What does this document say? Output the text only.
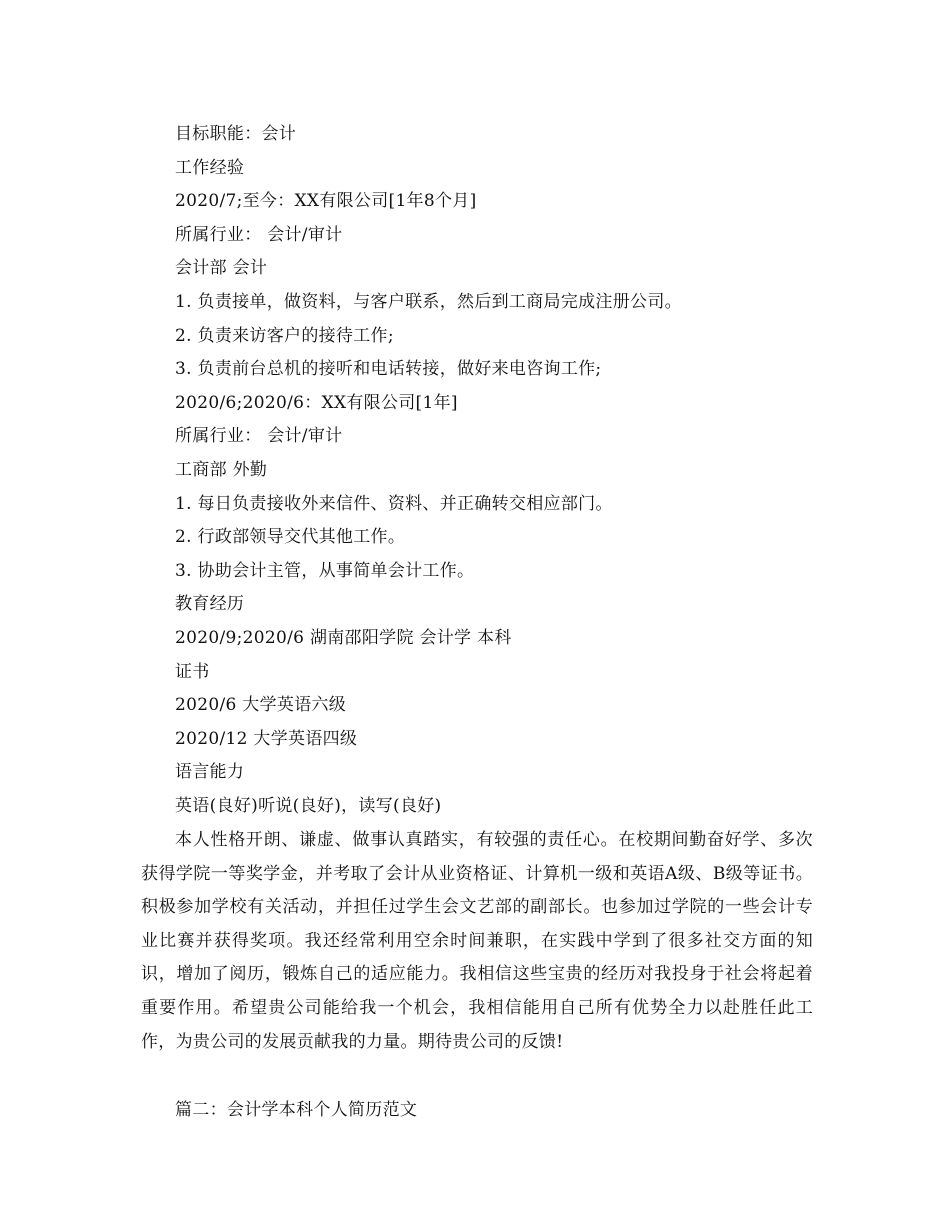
目标职能：会计
工作经验
2020/7;至今：XX有限公司[1年8个月]
所属行业： 会计/审计
会计部 会计
1. 负责接单，做资料，与客户联系，然后到工商局完成注册公司。
2. 负责来访客户的接待工作;
3. 负责前台总机的接听和电话转接，做好来电咨询工作;
2020/6;2020/6：XX有限公司[1年]
所属行业： 会计/审计
工商部 外勤
1. 每日负责接收外来信件、资料、并正确转交相应部门。
2. 行政部领导交代其他工作。
3. 协助会计主管，从事简单会计工作。
教育经历
2020/9;2020/6 湖南邵阳学院 会计学 本科
证书
2020/6 大学英语六级
2020/12 大学英语四级
语言能力
英语(良好)听说(良好)，读写(良好)
本人性格开朗、谦虚、做事认真踏实，有较强的责任心。在校期间勤奋好学、多次获得学院一等奖学金，并考取了会计从业资格证、计算机一级和英语A级、B级等证书。积极参加学校有关活动，并担任过学生会文艺部的副部长。也参加过学院的一些会计专业比赛并获得奖项。我还经常利用空余时间兼职，在实践中学到了很多社交方面的知识，增加了阅历，锻炼自己的适应能力。我相信这些宝贵的经历对我投身于社会将起着重要作用。希望贵公司能给我一个机会，我相信能用自己所有优势全力以赴胜任此工作，为贵公司的发展贡献我的力量。期待贵公司的反馈!
篇二：会计学本科个人简历范文
